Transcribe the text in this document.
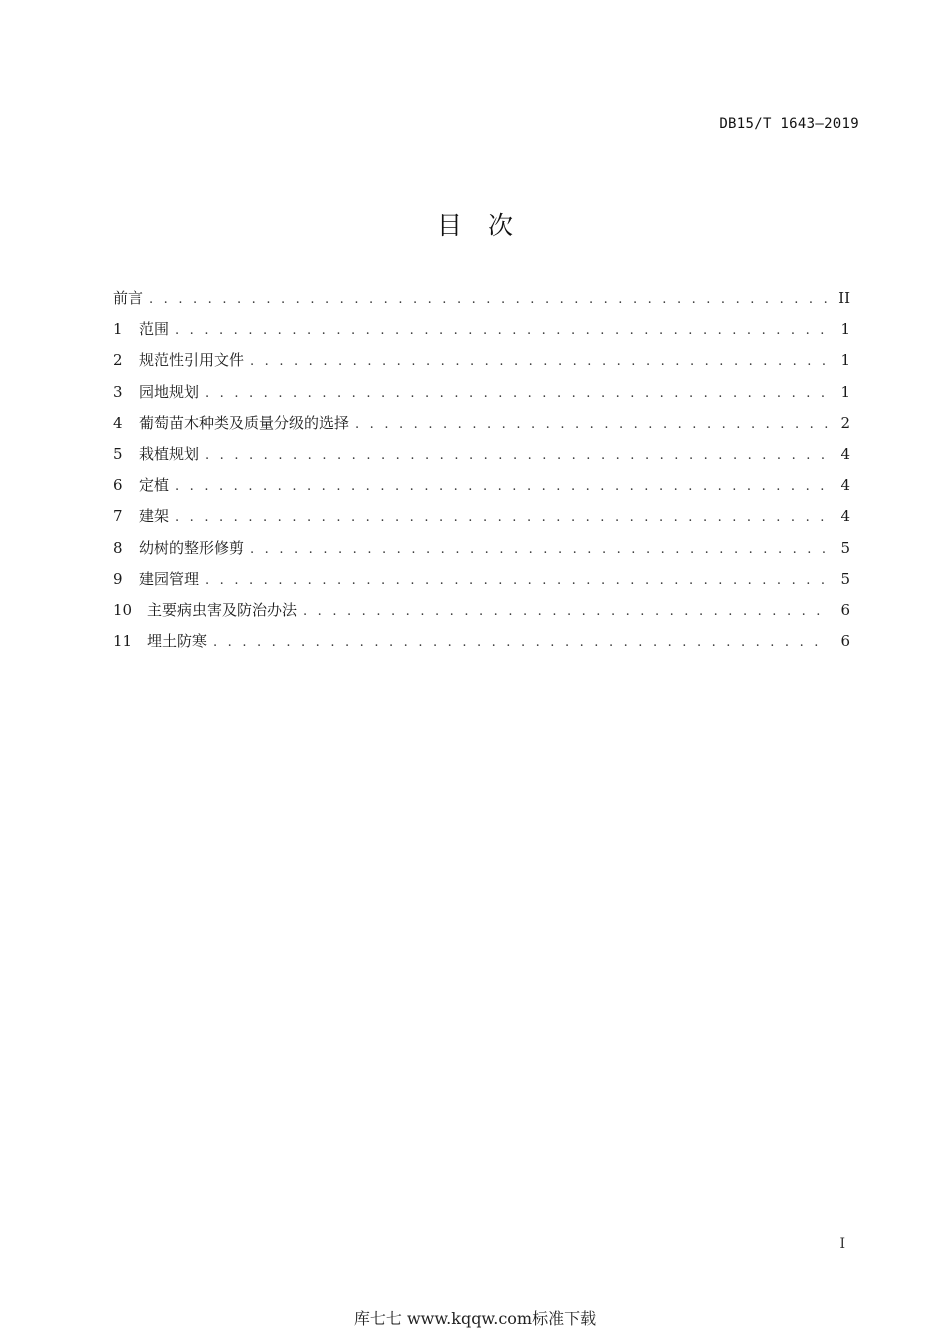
DB15/T 1643—2019
目次
前言 . . .	II
1	范围 . . .	1
2	规范性引用文件 . . .	1
3	园地规划 . . .	1
4	葡萄苗木种类及质量分级的选择 . . .	2
5	栽植规划 . . .	4
6	定植 . . .	4
7	建架 . . .	4
8	幼树的整形修剪 . . .	5
9	建园管理 . . .	5
10 主要病虫害及防治办法 . . .	6
11 埋土防寒 . . .	6
I
库七七 www.kqqw.com标准下载
